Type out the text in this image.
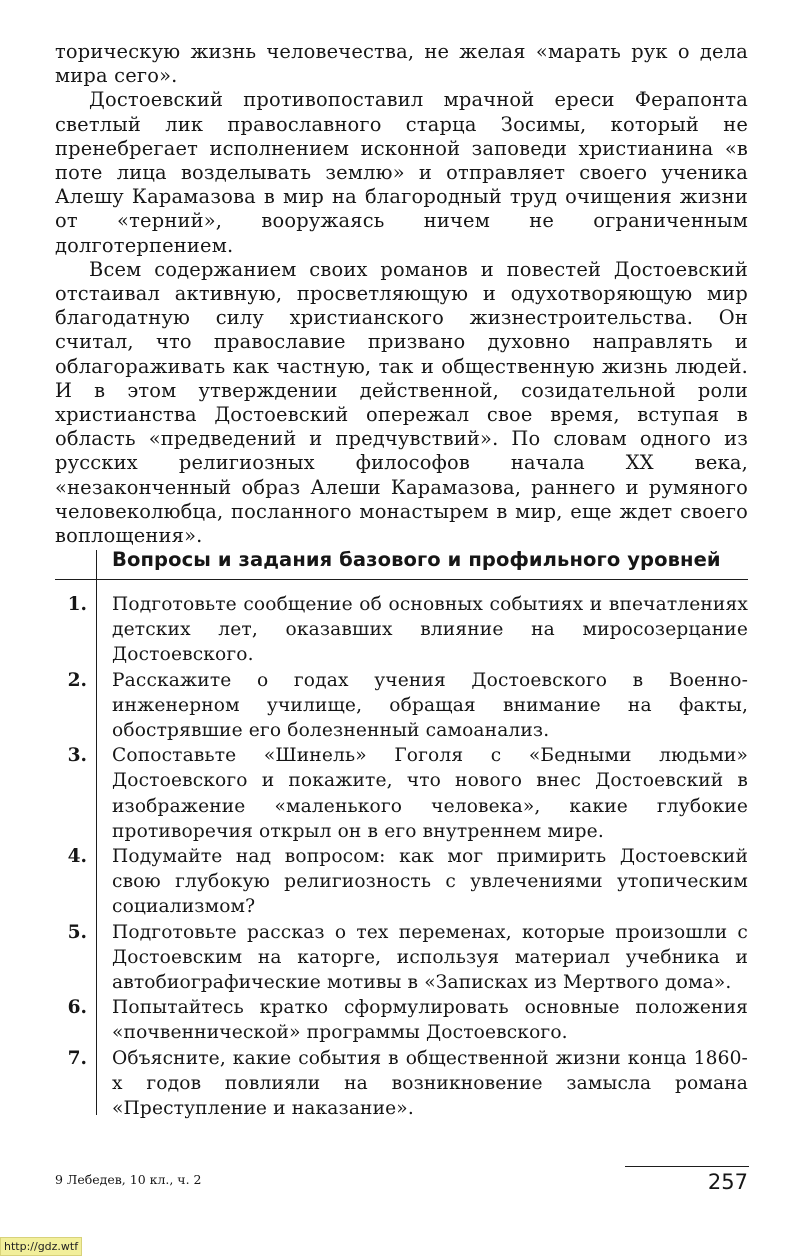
торическую жизнь человечества, не желая «марать рук о дела мира сего».

Достоевский противопоставил мрачной ереси Ферапонта светлый лик православного старца Зосимы, который не пренебрегает исполнением исконной заповеди христианина «в поте лица возделывать землю» и отправляет своего ученика Алешу Карамазова в мир на благородный труд очищения жизни от «терний», вооружаясь ничем не ограниченным долготерпением.

Всем содержанием своих романов и повестей Достоевский отстаивал активную, просветляющую и одухотворяющую мир благодатную силу христианского жизнестроительства. Он считал, что православие призвано духовно направлять и облагораживать как частную, так и общественную жизнь людей. И в этом утверждении действенной, созидательной роли христианства Достоевский опережал свое время, вступая в область «предведений и предчувствий». По словам одного из русских религиозных философов начала XX века, «незаконченный образ Алеши Карамазова, раннего и румяного человеколюбца, посланного монастырем в мир, еще ждет своего воплощения».

Вопросы и задания базового и профильного уровней
1. Подготовьте сообщение об основных событиях и впечатлениях детских лет, оказавших влияние на миросозерцание Достоевского.
2. Расскажите о годах учения Достоевского в Военно-инженерном училище, обращая внимание на факты, обострявшие его болезненный самоанализ.
3. Сопоставьте «Шинель» Гоголя с «Бедными людьми» Достоевского и покажите, что нового внес Достоевский в изображение «маленького человека», какие глубокие противоречия открыл он в его внутреннем мире.
4. Подумайте над вопросом: как мог примирить Достоевский свою глубокую религиозность с увлечениями утопическим социализмом?
5. Подготовьте рассказ о тех переменах, которые произошли с Достоевским на каторге, используя материал учебника и автобиографические мотивы в «Записках из Мертвого дома».
6. Попытайтесь кратко сформулировать основные положения «почвеннической» программы Достоевского.
7. Объясните, какие события в общественной жизни конца 1860-х годов повлияли на возникновение замысла романа «Преступление и наказание».
9 Лебедев, 10 кл., ч. 2	257
http://gdz.wtf
